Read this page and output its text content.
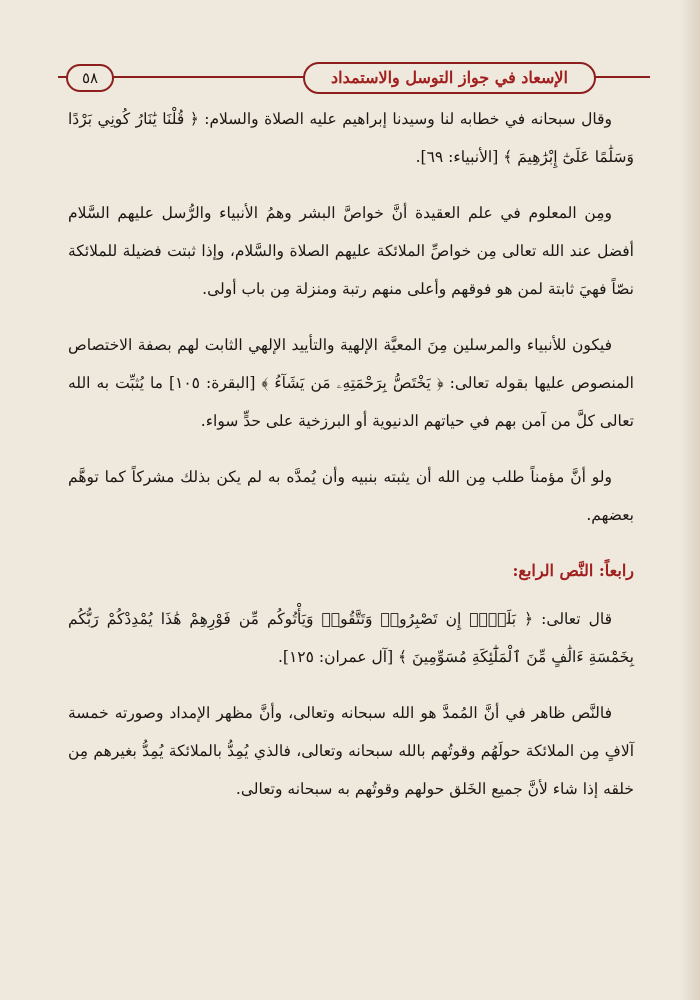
٥٨	الإسعاد في جواز التوسل والاستمداد

وقال سبحانه في خطابه لنا وسيدنا إبراهيم عليه الصلاة والسلام: ﴿ قُلْنَا يَٰنَارُ كُونِي بَرْدًا وَسَلَٰمًا عَلَىٰٓ إِبْرَٰهِيمَ ﴾ [الأنبياء: ٦٩].

ومِن المعلوم في علم العقيدة أنَّ خواصَّ البشر وهمُ الأنبياء والرُّسل عليهم السَّلام أفضل عند الله تعالى مِن خواصِّ الملائكة عليهم الصلاة والسَّلام، وإذا ثبتت فضيلة للملائكة نصّاً فهيَ ثابتة لمن هو فوقهم وأعلى منهم رتبة ومنزلة مِن باب أولى.

فيكون للأنبياء والمرسلين مِنَ المعيَّة الإلهية والتأييد الإلهي الثابت لهم بصفة الاختصاص المنصوص عليها بقوله تعالى: ﴿ يَخْتَصُّ بِرَحْمَتِهِۦ مَن يَشَآءُ ﴾ [البقرة: ١٠٥] ما يُثبِّت به الله تعالى كلَّ من آمن بهم في حياتهم الدنيوية أو البرزخية على حدٍّ سواء.

ولو أنَّ مؤمناً طلب مِن الله أن يثبته بنبيه وأن يُمدَّه به لم يكن بذلك مشركاً كما توهَّم بعضهم.

رابعاً: النَّص الرابع:

قال تعالى: ﴿ بَلَىٰٓۚ إِن تَصْبِرُوا۟ وَتَتَّقُوا۟ وَيَأْتُوكُم مِّن فَوْرِهِمْ هَٰذَا يُمْدِدْكُمْ رَبُّكُم بِخَمْسَةِ ءَالَٰفٍ مِّنَ ٱلْمَلَٰٓئِكَةِ مُسَوِّمِينَ ﴾ [آل عمران: ١٢٥].

فالنَّص ظاهر في أنَّ المُمدَّ هو الله سبحانه وتعالى، وأنَّ مظهر الإمداد وصورته خمسة آلافٍ مِن الملائكة حولَهُم وقوتُهم بالله سبحانه وتعالى، فالذي يُمِدُّ بالملائكة يُمِدُّ بغيرهم مِن خلقه إذا شاء لأنَّ جميع الخَلق حولهم وقوتُهم به سبحانه وتعالى.
